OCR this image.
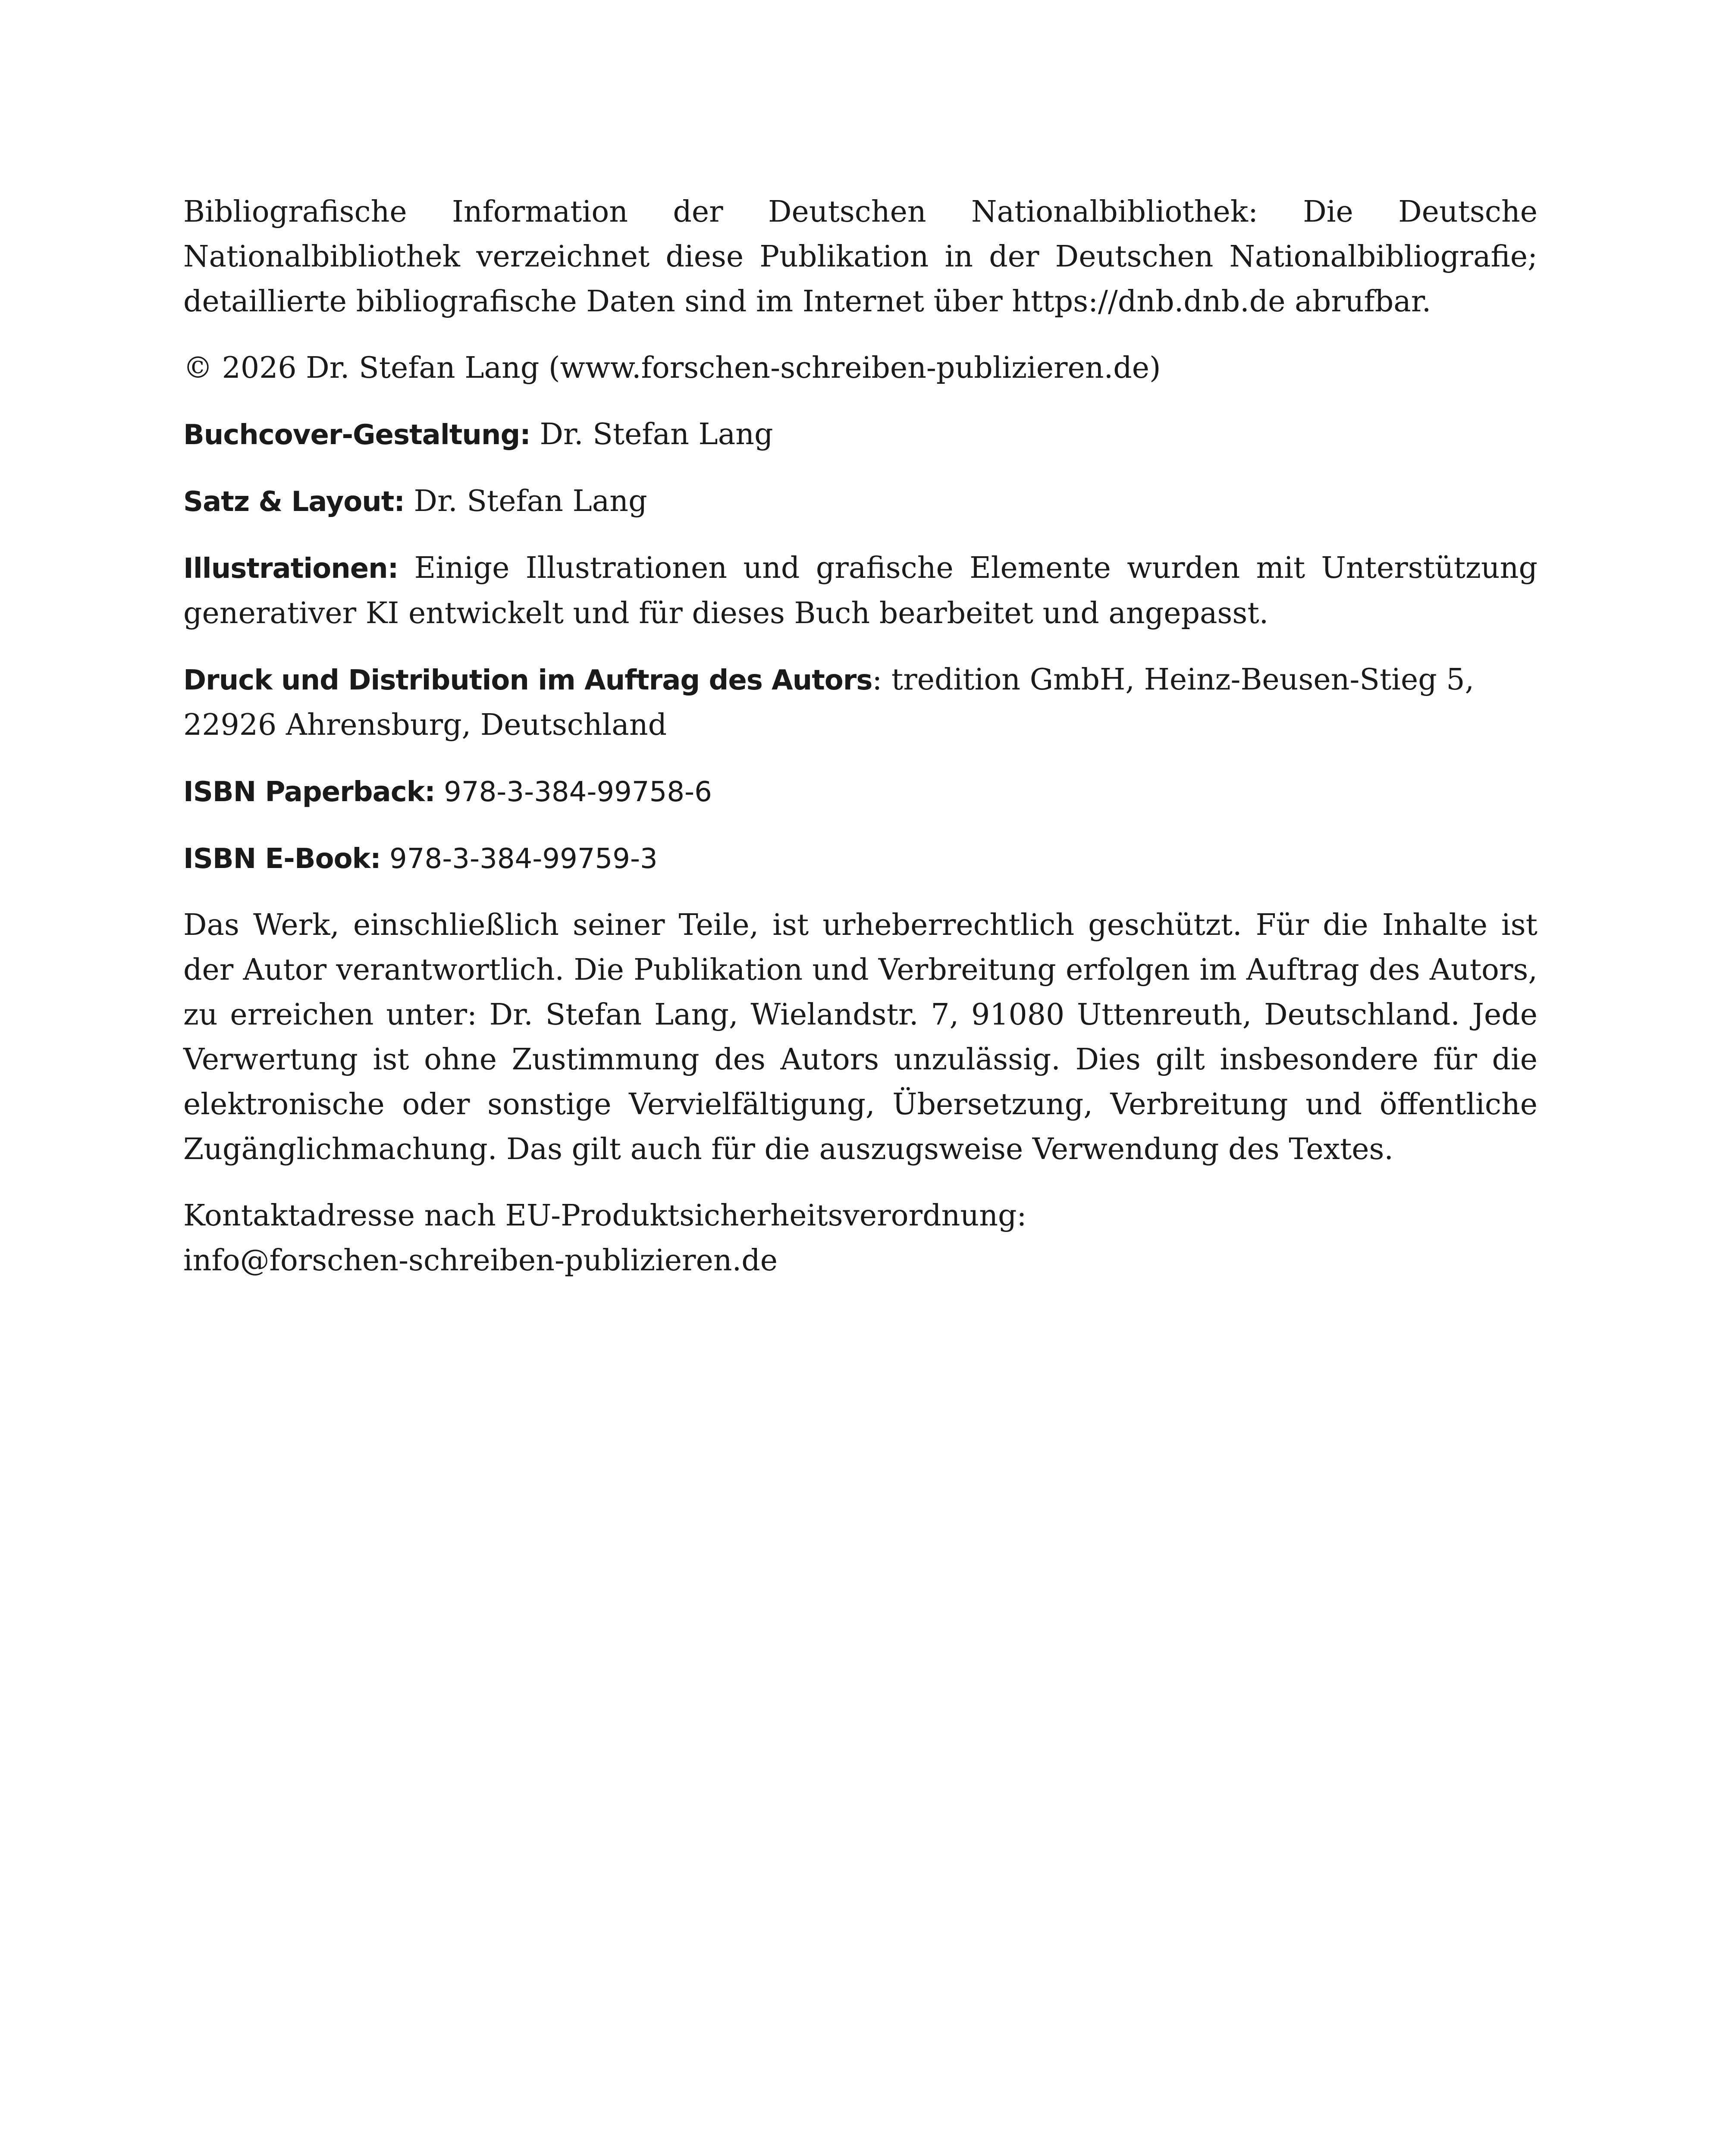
Bibliografische Information der Deutschen Nationalbibliothek: Die Deutsche Nationalbibliothek verzeichnet diese Publikation in der Deutschen Nationalbibliografie; detaillierte bibliografische Daten sind im Internet über https://dnb.dnb.de abrufbar.

© 2026 Dr. Stefan Lang (www.forschen-schreiben-publizieren.de)

Buchcover-Gestaltung: Dr. Stefan Lang

Satz & Layout: Dr. Stefan Lang

Illustrationen: Einige Illustrationen und grafische Elemente wurden mit Unterstützung generativer KI entwickelt und für dieses Buch bearbeitet und angepasst.

Druck und Distribution im Auftrag des Autors: tredition GmbH, Heinz-Beusen-Stieg 5, 22926 Ahrensburg, Deutschland

ISBN Paperback: 978-3-384-99758-6

ISBN E-Book: 978-3-384-99759-3

Das Werk, einschließlich seiner Teile, ist urheberrechtlich geschützt. Für die Inhalte ist der Autor verantwortlich. Die Publikation und Verbreitung erfolgen im Auftrag des Autors, zu erreichen unter: Dr. Stefan Lang, Wielandstr. 7, 91080 Uttenreuth, Deutschland. Jede Verwertung ist ohne Zustimmung des Autors unzulässig. Dies gilt insbesondere für die elektronische oder sonstige Vervielfältigung, Übersetzung, Verbreitung und öffentliche Zugänglichmachung. Das gilt auch für die auszugsweise Verwendung des Textes.

Kontaktadresse nach EU-Produktsicherheitsverordnung:
info@forschen-schreiben-publizieren.de
